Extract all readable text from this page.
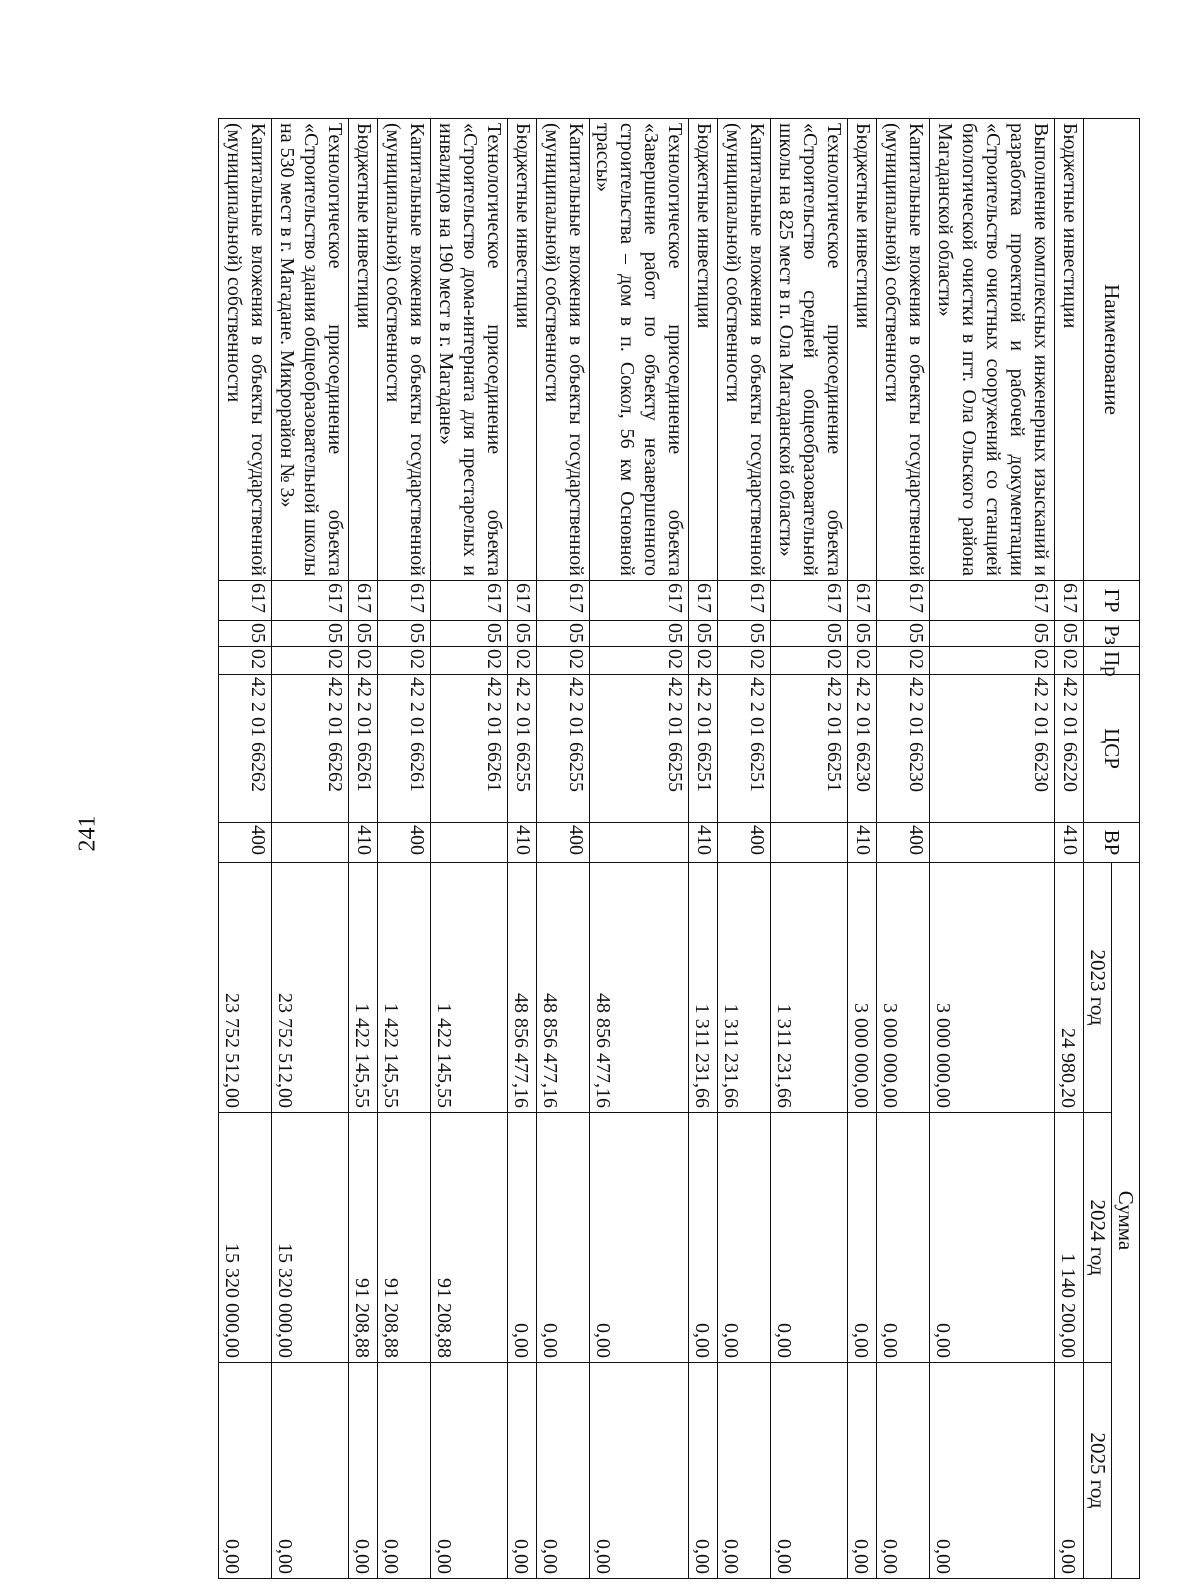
241
Наименование	ГР	Рз	Пр	ЦСР	ВР	Сумма		
						2023 год	2024 год	2025 год
Бюджетные инвестиции	617	05	02	42 2 01 66220	410	24 980,20	1 140 200,00	0,00
Выполнение комплексных инженерных изысканий и разработка проектной и рабочей документации «Строительство очистных сооружений со станцией биологической очистки в пгт. Ола Ольского района Магаданской области»	617	05	02	42 2 01 66230		3 000 000,00	0,00	0,00
Капитальные вложения в объекты государственной (муниципальной) собственности	617	05	02	42 2 01 66230	400	3 000 000,00	0,00	0,00
Бюджетные инвестиции	617	05	02	42 2 01 66230	410	3 000 000,00	0,00	0,00
Технологическое присоединение объекта «Строительство средней общеобразовательной школы на 825 мест в п. Ола Магаданской области»	617	05	02	42 2 01 66251		1 311 231,66	0,00	0,00
Капитальные вложения в объекты государственной (муниципальной) собственности	617	05	02	42 2 01 66251	400	1 311 231,66	0,00	0,00
Бюджетные инвестиции	617	05	02	42 2 01 66251	410	1 311 231,66	0,00	0,00
Технологическое присоединение объекта «Завершение работ по объекту незавершенного строительства – дом в п. Сокол, 56 км Основной трассы»	617	05	02	42 2 01 66255		48 856 477,16	0,00	0,00
Капитальные вложения в объекты государственной (муниципальной) собственности	617	05	02	42 2 01 66255	400	48 856 477,16	0,00	0,00
Бюджетные инвестиции	617	05	02	42 2 01 66255	410	48 856 477,16	0,00	0,00
Технологическое присоединение объекта «Строительство дома-интерната для престарелых и инвалидов на 190 мест в г. Магадане»	617	05	02	42 2 01 66261		1 422 145,55	91 208,88	0,00
Капитальные вложения в объекты государственной (муниципальной) собственности	617	05	02	42 2 01 66261	400	1 422 145,55	91 208,88	0,00
Бюджетные инвестиции	617	05	02	42 2 01 66261	410	1 422 145,55	91 208,88	0,00
Технологическое присоединение объекта «Строительство здания общеобразовательной школы на 530 мест в г. Магадане. Микрорайон № 3»	617	05	02	42 2 01 66262		23 752 512,00	15 320 000,00	0,00
Капитальные вложения в объекты государственной (муниципальной) собственности	617	05	02	42 2 01 66262	400	23 752 512,00	15 320 000,00	0,00
